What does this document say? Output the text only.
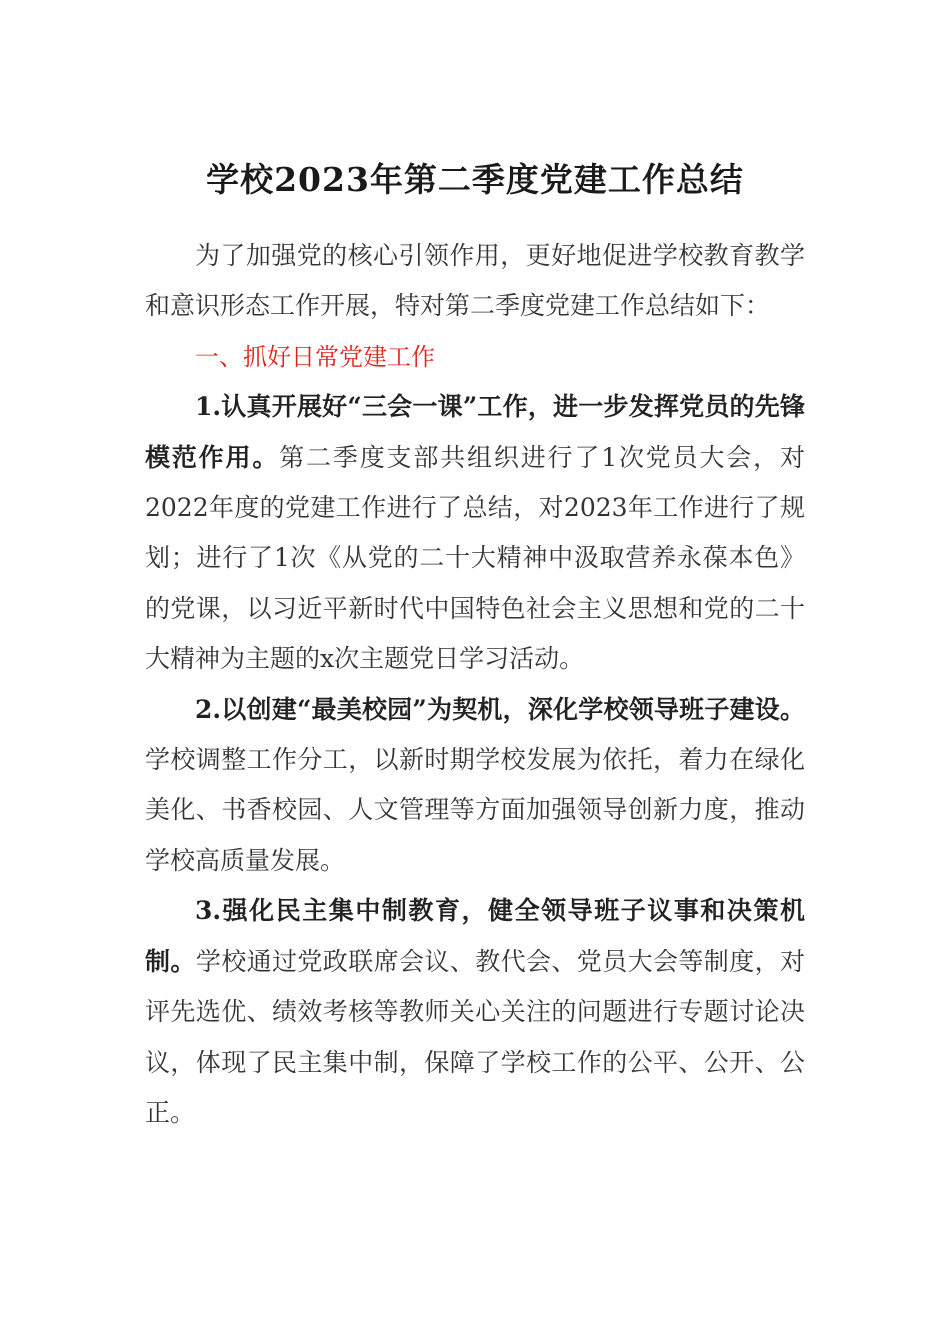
学校2023年第二季度党建工作总结

为了加强党的核心引领作用，更好地促进学校教育教学和意识形态工作开展，特对第二季度党建工作总结如下：

一、抓好日常党建工作

1.认真开展好“三会一课”工作，进一步发挥党员的先锋模范作用。第二季度支部共组织进行了1次党员大会，对2022年度的党建工作进行了总结，对2023年工作进行了规划；进行了1次《从党的二十大精神中汲取营养永葆本色》的党课，以习近平新时代中国特色社会主义思想和党的二十大精神为主题的x次主题党日学习活动。

2.以创建“最美校园”为契机，深化学校领导班子建设。学校调整工作分工，以新时期学校发展为依托，着力在绿化美化、书香校园、人文管理等方面加强领导创新力度，推动学校高质量发展。

3.强化民主集中制教育，健全领导班子议事和决策机制。学校通过党政联席会议、教代会、党员大会等制度，对评先选优、绩效考核等教师关心关注的问题进行专题讨论决议，体现了民主集中制，保障了学校工作的公平、公开、公正。
